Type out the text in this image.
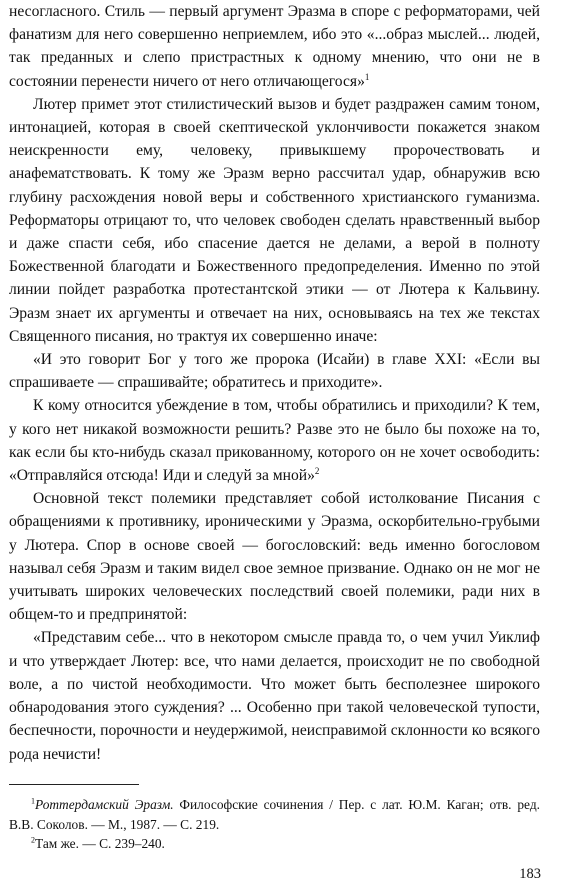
несогласного. Стиль — первый аргумент Эразма в споре с реформаторами, чей фанатизм для него совершенно неприемлем, ибо это «...образ мыслей... людей, так преданных и слепо пристрастных к одному мнению, что они не в состоянии перенести ничего от него отличающегося»$^1$

Лютер примет этот стилистический вызов и будет раздражен самим тоном, интонацией, которая в своей скептической уклончивости покажется знаком неискренности ему, человеку, привыкшему пророчествовать и анафематствовать. К тому же Эразм верно рассчитал удар, обнаружив всю глубину расхождения новой веры и собственного христианского гуманизма. Реформаторы отрицают то, что человек свободен сделать нравственный выбор и даже спасти себя, ибо спасение дается не делами, а верой в полноту Божественной благодати и Божественного предопределения. Именно по этой линии пойдет разработка протестантской этики — от Лютера к Кальвину. Эразм знает их аргументы и отвечает на них, основываясь на тех же текстах Священного писания, но трактуя их совершенно иначе:

«И это говорит Бог у того же пророка (Исайи) в главе XXI: «Если вы спрашиваете — спрашивайте; обратитесь и приходите».

К кому относится убеждение в том, чтобы обратились и приходили? К тем, у кого нет никакой возможности решить? Разве это не было бы похоже на то, как если бы кто-нибудь сказал прикованному, которого он не хочет освободить: «Отправляйся отсюда! Иди и следуй за мной»$^2$

Основной текст полемики представляет собой истолкование Писания с обращениями к противнику, ироническими у Эразма, оскорбительно-грубыми у Лютера. Спор в основе своей — богословский: ведь именно богословом называл себя Эразм и таким видел свое земное призвание. Однако он не мог не учитывать широких человеческих последствий своей полемики, ради них в общем-то и предпринятой:

«Представим себе... что в некотором смысле правда то, о чем учил Уиклиф и что утверждает Лютер: все, что нами делается, происходит не по свободной воле, а по чистой необходимости. Что может быть бесполезнее широкого обнародования этого суждения? ... Особенно при такой человеческой тупости, беспечности, порочности и неудержимой, неисправимой склонности ко всякого рода нечисти!

$^1$Роттердамский Эразм. Философские сочинения / Пер. с лат. Ю.М. Каган; отв. ред. В.В. Соколов. — М., 1987. — С. 219.

$^2$Там же. — С. 239–240.

183
